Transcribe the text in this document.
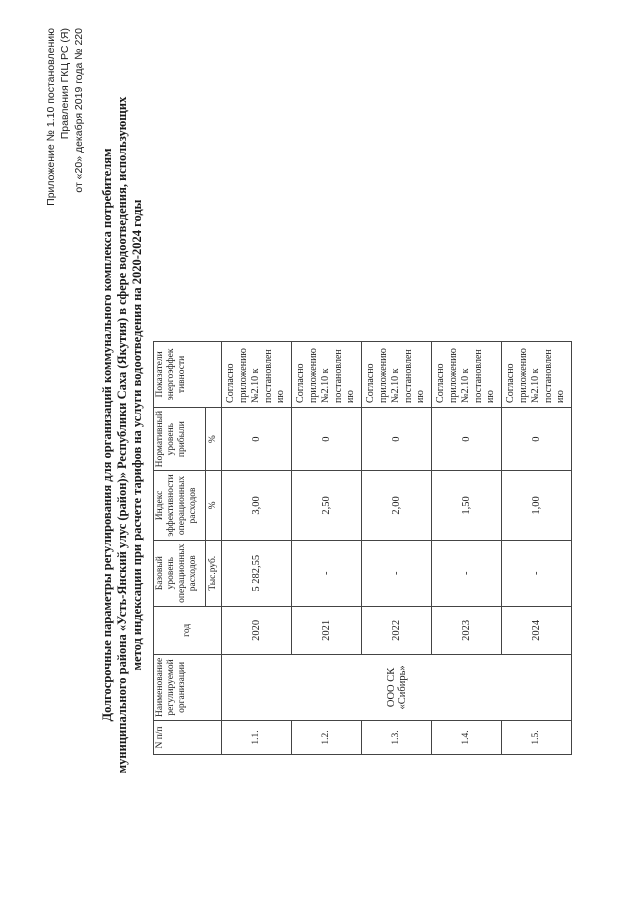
Приложение № 1.10 постановлению Правления ГКЦ РС (Я) от «20» декабря 2019 года № 220
Долгосрочные параметры регулирования для организаций коммунального комплекса потребителям муниципального района «Усть-Янский улус (район)» Республики Саха (Якутия) в сфере водоотведения, использующих метод индексации при расчете тарифов на услуги водоотведения на 2020-2024 годы
N п/п	Наименование регулируемой организации	год	Базовый уровень операционных расходов	Индекс эффективности операционных расходов	Нормативный уровень прибыли	Показатели энергоэффек тивности
			Тыс.руб.	%	%	
1.1.	ООО СК «Сибирь»	2020	5 282,55	3,00	0	Согласно приложению №2.10 к постановлен ию
1.2.		2021	-	2,50	0	Согласно приложению №2.10 к постановлен ию
1.3.		2022	-	2,00	0	Согласно приложению №2.10 к постановлен ию
1.4.		2023	-	1,50	0	Согласно приложению №2.10 к постановлен ию
1.5.		2024	-	1,00	0	Согласно приложению №2.10 к постановлен ию
